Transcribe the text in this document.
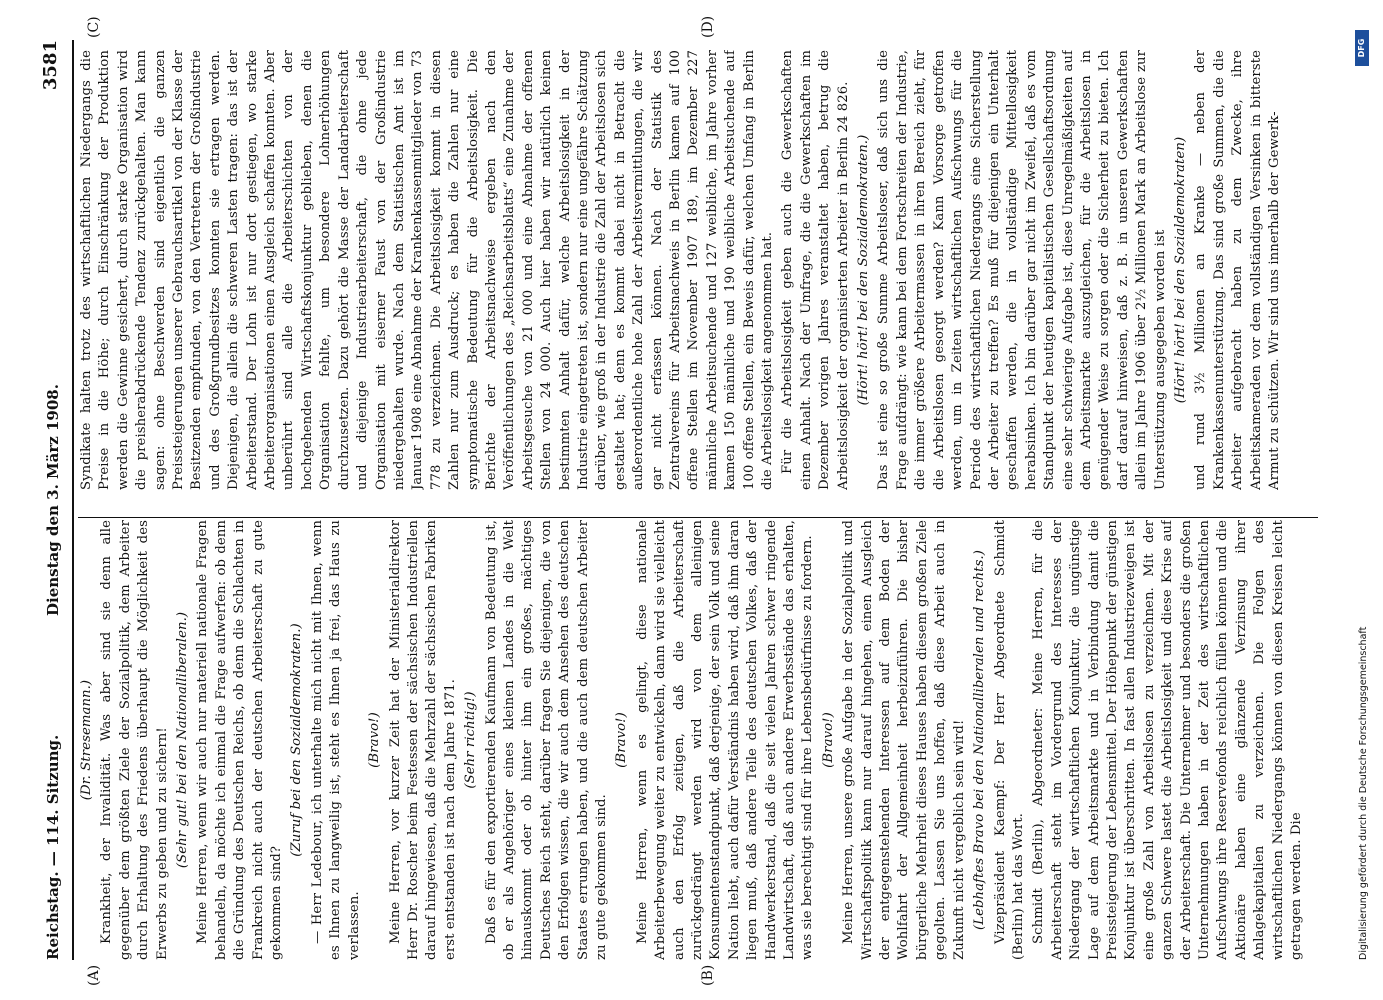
Reichstag. — 114. Sitzung.
Dienstag den 3. März 1908.
3581
(A)	(B)
(C)	(D)

(Dr. Stresemann.) Krankheit, der Invalidität. Was aber sind sie denn alle gegenüber dem größten Ziele der Sozialpolitik, dem Arbeiter durch Erhaltung des Friedens überhaupt die Möglichkeit des Erwerbs zu geben und zu sichern! (Sehr gut! bei den Nationalliberalen.) Meine Herren, wenn wir auch nur materiell nationale Fragen behandeln, da möchte ich einmal die Frage aufwerfen: ob denn die Gründung des Deutschen Reichs, ob denn die Schlachten in Frankreich nicht auch der deutschen Arbeiterschaft zu gute gekommen sind?

(Zuruf bei den Sozialdemokraten.) — Herr Ledebour, ich unterhalte mich nicht mit Ihnen, wenn es Ihnen zu langweilig ist, steht es Ihnen ja frei, das Haus zu verlassen.

(Bravo!) Meine Herren, vor kurzer Zeit hat der Ministerialdirektor Herr Dr. Roscher beim Festessen der sächsischen Industriellen darauf hingewiesen, daß die Mehrzahl der sächsischen Fabriken erst entstanden ist nach dem Jahre 1871. (Sehr richtig!) Daß es für den exportierenden Kaufmann von Bedeutung ist, ob er als Angehöriger eines kleinen Landes in die Welt hinauskommt oder ob hinter ihm ein großes, mächtiges Deutsches Reich steht, darüber fragen Sie diejenigen, die von den Erfolgen wissen, die wir auch dem Ansehen des deutschen Staates errungen haben, und die auch dem deutschen Arbeiter zu gute gekommen sind.

(Bravo!) Meine Herren, wenn es gelingt, diese nationale Arbeiterbewegung weiter zu entwickeln, dann wird sie vielleicht auch den Erfolg zeitigen, daß die Arbeiterschaft zurückgedrängt werden wird von dem alleinigen Konsumentenstandpunkt, daß derjenige, der sein Volk und seine Nation liebt, auch dafür Verständnis haben wird, daß ihm daran liegen muß, daß andere Teile des deutschen Volkes, daß der Handwerkerstand, daß die seit vielen Jahren schwer ringende Landwirtschaft, daß auch andere Erwerbsstände das erhalten, was sie berechtigt sind für ihre Lebensbedürfnisse zu fordern. (Bravo!) Meine Herren, unsere große Aufgabe in der Sozialpolitik und Wirtschaftspolitik kann nur darauf hingehen, einen Ausgleich der entgegenstehenden Interessen auf dem Boden der Wohlfahrt der Allgemeinheit herbeizuführen. Die bisher bürgerliche Mehrheit dieses Hauses haben diesem großen Ziele gegolten. Lassen Sie uns hoffen, daß diese Arbeit auch in Zukunft nicht vergeblich sein wird! (Lebhaftes Bravo bei den Nationalliberalen und rechts.) Vizepräsident Kaempf: Der Herr Abgeordnete Schmidt (Berlin) hat das Wort. Schmidt (Berlin), Abgeordneter: Meine Herren, für die Arbeiterschaft steht im Vordergrund des Interesses der Niedergang der wirtschaftlichen Konjunktur, die ungünstige Lage auf dem Arbeitsmarkte und in Verbindung damit die Preissteigerung der Lebensmittel. Der Höhepunkt der günstigen Konjunktur ist überschritten. In fast allen Industriezweigen ist eine große Zahl von Arbeitslosen zu verzeichnen. Mit der ganzen Schwere lastet die Arbeitslosigkeit und diese Krise auf der Arbeiterschaft. Die Unternehmer und besonders die großen Unternehmungen haben in der Zeit des wirtschaftlichen Aufschwungs ihre Reservefonds reichlich füllen können und die Aktionäre haben eine glänzende Verzinsung ihrer Anlagekapitalien zu verzeichnen. Die Folgen des wirtschaftlichen Niedergangs können von diesen Kreisen leicht getragen werden. Die

Syndikate halten trotz des wirtschaftlichen Niedergangs die Preise in die Höhe; durch Einschränkung der Produktion werden die Gewinne gesichert, durch starke Organisation wird die preisherabdrückende Tendenz zurückgehalten. Man kann sagen: ohne Beschwerden sind eigentlich die ganzen Preissteigerungen unserer Gebrauchsartikel von der Klasse der Besitzenden empfunden, von den Vertretern der Großindustrie und des Großgrundbesitzes konnten sie ertragen werden. Diejenigen, die allein die schweren Lasten tragen: das ist der Arbeiterstand. Der Lohn ist nur dort gestiegen, wo starke Arbeiterorganisationen einen Ausgleich schaffen konnten. Aber unberührt sind alle die Arbeiterschichten von der hochgehenden Wirtschaftskonjunktur geblieben, denen die Organisation fehlte, um besondere Lohnerhöhungen durchzusetzen. Dazu gehört die Masse der Landarbeiterschaft und diejenige Industriearbeiterschaft, die ohne jede Organisation mit eiserner Faust von der Großindustrie niedergehalten wurde. Nach dem Statistischen Amt ist im Januar 1908 eine Abnahme der Krankenkassenmitglieder von 73 778 zu verzeichnen. Die Arbeitslosigkeit kommt in diesen Zahlen nur zum Ausdruck; es haben die Zahlen nur eine symptomatische Bedeutung für die Arbeitslosigkeit. Die Berichte der Arbeitsnachweise ergeben nach den Veröffentlichungen des „Reichsarbeitsblatts“ eine Zunahme der Arbeitsgesuche von 21 000 und eine Abnahme der offenen Stellen von 24 000. Auch hier haben wir natürlich keinen bestimmten Anhalt dafür, welche Arbeitslosigkeit in der Industrie eingetreten ist, sondern nur eine ungefähre Schätzung darüber, wie groß in der Industrie die Zahl der Arbeitslosen sich gestaltet hat; denn es kommt dabei nicht in Betracht die außerordentliche hohe Zahl der Arbeitsvermittlungen, die wir gar nicht erfassen können. Nach der Statistik des Zentralvereins für Arbeitsnachweis in Berlin kamen auf 100 offene Stellen im November 1907 189, im Dezember 227 männliche Arbeitsuchende und 127 weibliche, im Jahre vorher kamen 150 männliche und 190 weibliche Arbeitsuchende auf 100 offene Stellen, ein Beweis dafür, welchen Umfang in Berlin die Arbeitslosigkeit angenommen hat. Für die Arbeitslosigkeit geben auch die Gewerkschaften einen Anhalt. Nach der Umfrage, die die Gewerkschaften im Dezember vorigen Jahres veranstaltet haben, betrug die Arbeitslosigkeit der organisierten Arbeiter in Berlin 24 826. (Hört! hört! bei den Sozialdemokraten.) Das ist eine so große Summe Arbeitsloser, daß sich uns die Frage aufdrängt: wie kann bei dem Fortschreiten der Industrie, die immer größere Arbeitermassen in ihren Bereich zieht, für die Arbeitslosen gesorgt werden? Kann Vorsorge getroffen werden, um in Zeiten wirtschaftlichen Aufschwungs für die Periode des wirtschaftlichen Niedergangs eine Sicherstellung der Arbeiter zu treffen? Es muß für diejenigen ein Unterhalt geschaffen werden, die in vollständige Mittellosigkeit herabsinken. Ich bin darüber gar nicht im Zweifel, daß es vom Standpunkt der heutigen kapitalistischen Gesellschaftsordnung eine sehr schwierige Aufgabe ist, diese Unregelmäßigkeiten auf dem Arbeitsmarkte auszugleichen, für die Arbeitslosen in genügender Weise zu sorgen oder die Sicherheit zu bieten. Ich darf darauf hinweisen, daß z. B. in unseren Gewerkschaften allein im Jahre 1906 über 2½ Millionen Mark an Arbeitslose zur Unterstützung ausgegeben worden ist (Hört! hört! bei den Sozialdemokraten) und rund 3½ Millionen an Kranke — neben der Krankenkassenunterstützung. Das sind große Summen, die die Arbeiter aufgebracht haben zu dem Zwecke, ihre Arbeitskameraden vor dem vollständigen Versinken in bitterste Armut zu schützen. Wir sind uns innerhalb der Gewerk-

Digitalisierung gefördert durch die Deutsche Forschungsgemeinschaft
DFG
